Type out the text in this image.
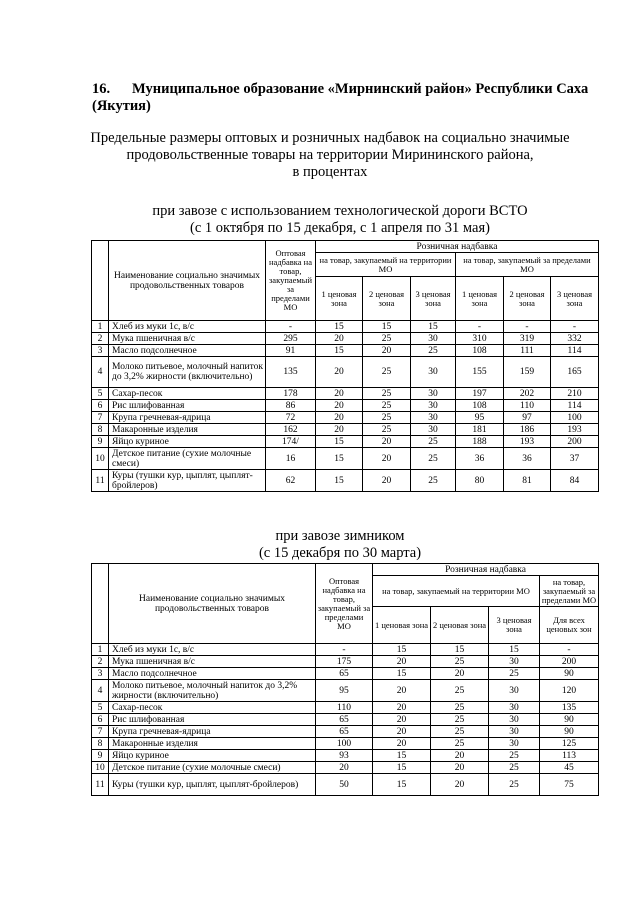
16. Муниципальное образование «Мирнинский район» Республики Саха (Якутия)
Предельные размеры оптовых и розничных надбавок на социально значимые
продовольственные товары на территории Мирининского района,
в процентах
при завозе с использованием технологической дороги ВСТО
(с 1 октября по 15 декабря, с 1 апреля по 31 мая)
	Наименование социально значимых продовольственных товаров	Оптовая надбавка на товар, закупаемый за пределами МО	Розничная надбавка					
			на товар, закупаемый на территории МО			на товар, закупаемый за пределами МО		
			1 ценовая зона	2 ценовая зона	3 ценовая зона	1 ценовая зона	2 ценовая зона	3 ценовая зона
1	Хлеб из муки 1с, в/с	-	15	15	15	-	-	-
2	Мука пшеничная в/с	295	20	25	30	310	319	332
3	Масло подсолнечное	91	15	20	25	108	111	114
4	Молоко питьевое, молочный напиток до 3,2% жирности (включительно)	135	20	25	30	155	159	165
5	Сахар-песок	178	20	25	30	197	202	210
6	Рис шлифованная	86	20	25	30	108	110	114
7	Крупа гречневая-ядрица	72	20	25	30	95	97	100
8	Макаронные изделия	162	20	25	30	181	186	193
9	Яйцо куриное	174/	15	20	25	188	193	200
10	Детское питание (сухие молочные смеси)	16	15	20	25	36	36	37
11	Куры (тушки кур, цыплят, цыплят-бройлеров)	62	15	20	25	80	81	84
при завозе зимником
(с 15 декабря по 30 марта)
	Наименование социально значимых продовольственных товаров	Оптовая надбавка на товар, закупаемый за пределами МО	Розничная надбавка			
			на товар, закупаемый на территории МО			на товар, закупаемый за пределами МО
			1 ценовая зона	2 ценовая зона	3 ценовая зона	Для всех ценовых зон
1	Хлеб из муки 1с, в/с	-	15	15	15	-
2	Мука пшеничная в/с	175	20	25	30	200
3	Масло подсолнечное	65	15	20	25	90
4	Молоко питьевое, молочный напиток до 3,2% жирности (включительно)	95	20	25	30	120
5	Сахар-песок	110	20	25	30	135
6	Рис шлифованная	65	20	25	30	90
7	Крупа гречневая-ядрица	65	20	25	30	90
8	Макаронные изделия	100	20	25	30	125
9	Яйцо куриное	93	15	20	25	113
10	Детское питание (сухие молочные смеси)	20	15	20	25	45
11	Куры (тушки кур, цыплят, цыплят-бройлеров)	50	15	20	25	75
